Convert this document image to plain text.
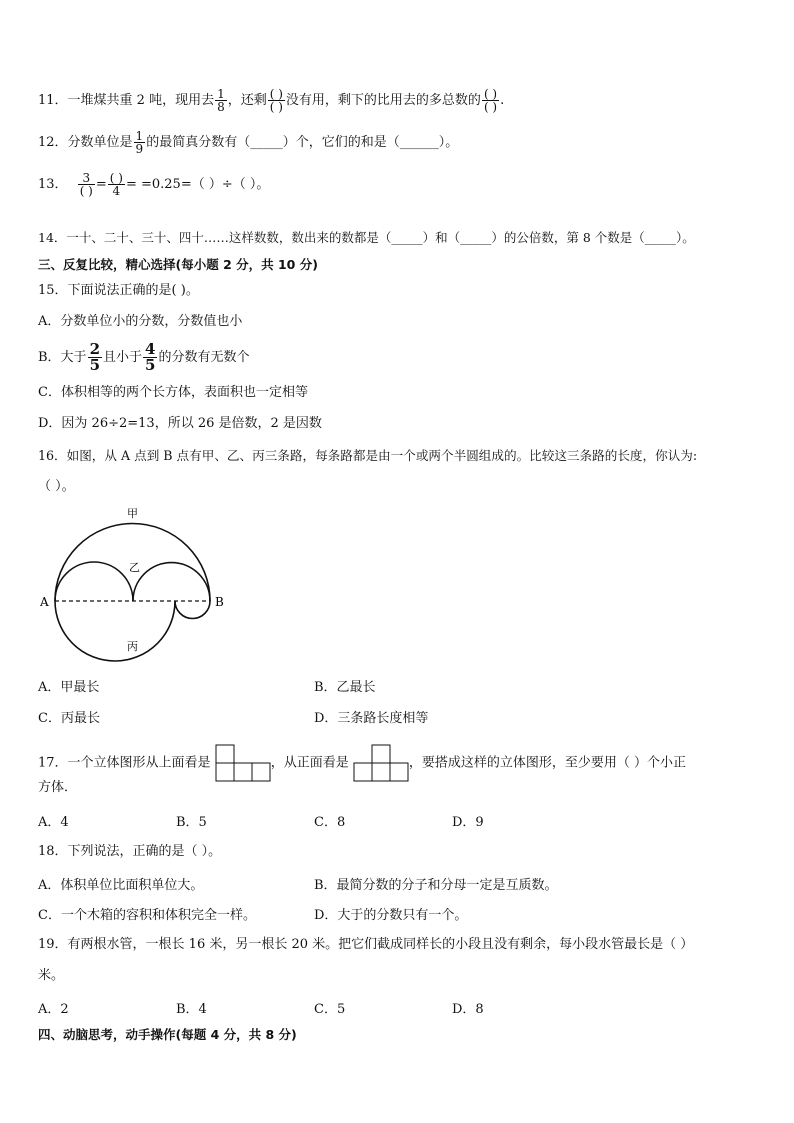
11．一堆煤共重 2 吨，现用去 $\frac{1}{8}$ ，还剩 $\frac{( )}{( )}$ 没有用，剩下的比用去的多总数的 $\frac{( )}{( )}$ .
12．分数单位是 $\frac{1}{9}$ 的最简真分数有（_____）个，它们的和是（______）。
13． $\frac{3}{( )} = \frac{( )}{4} = =0.25=$（ ）÷（ ）。
14．一十、二十、三十、四十……这样数数，数出来的数都是（_____）和（_____）的公倍数，第 8 个数是（_____）。
三、反复比较，精心选择(每小题 2 分，共 10 分)
15．下面说法正确的是( )。
A．分数单位小的分数，分数值也小
B．大于 $\frac{2}{5}$ 且小于 $\frac{4}{5}$ 的分数有无数个
C．体积相等的两个长方体，表面积也一定相等
D．因为 26÷2=13，所以 26 是倍数，2 是因数
16．如图，从 A 点到 B 点有甲、乙、丙三条路，每条路都是由一个或两个半圆组成的。比较这三条路的长度，你认为:
（ ）。
甲
乙
丙
A	B
A．甲最长	B．乙最长
C．丙最长	D．三条路长度相等
17．一个立体图形从上面看是	，从正面看是	，要搭成这样的立体图形，至少要用（ ）个小正
方体．
A．4	B．5	C．8	D．9
18．下列说法，正确的是（ ）。
A．体积单位比面积单位大。	B．最简分数的分子和分母一定是互质数。
C．一个木箱的容积和体积完全一样。	D．大于的分数只有一个。
19．有两根水管，一根长 16 米，另一根长 20 米。把它们截成同样长的小段且没有剩余，每小段水管最长是（ ）
米。
A．2	B．4	C．5	D．8
四、动脑思考，动手操作(每题 4 分，共 8 分)
